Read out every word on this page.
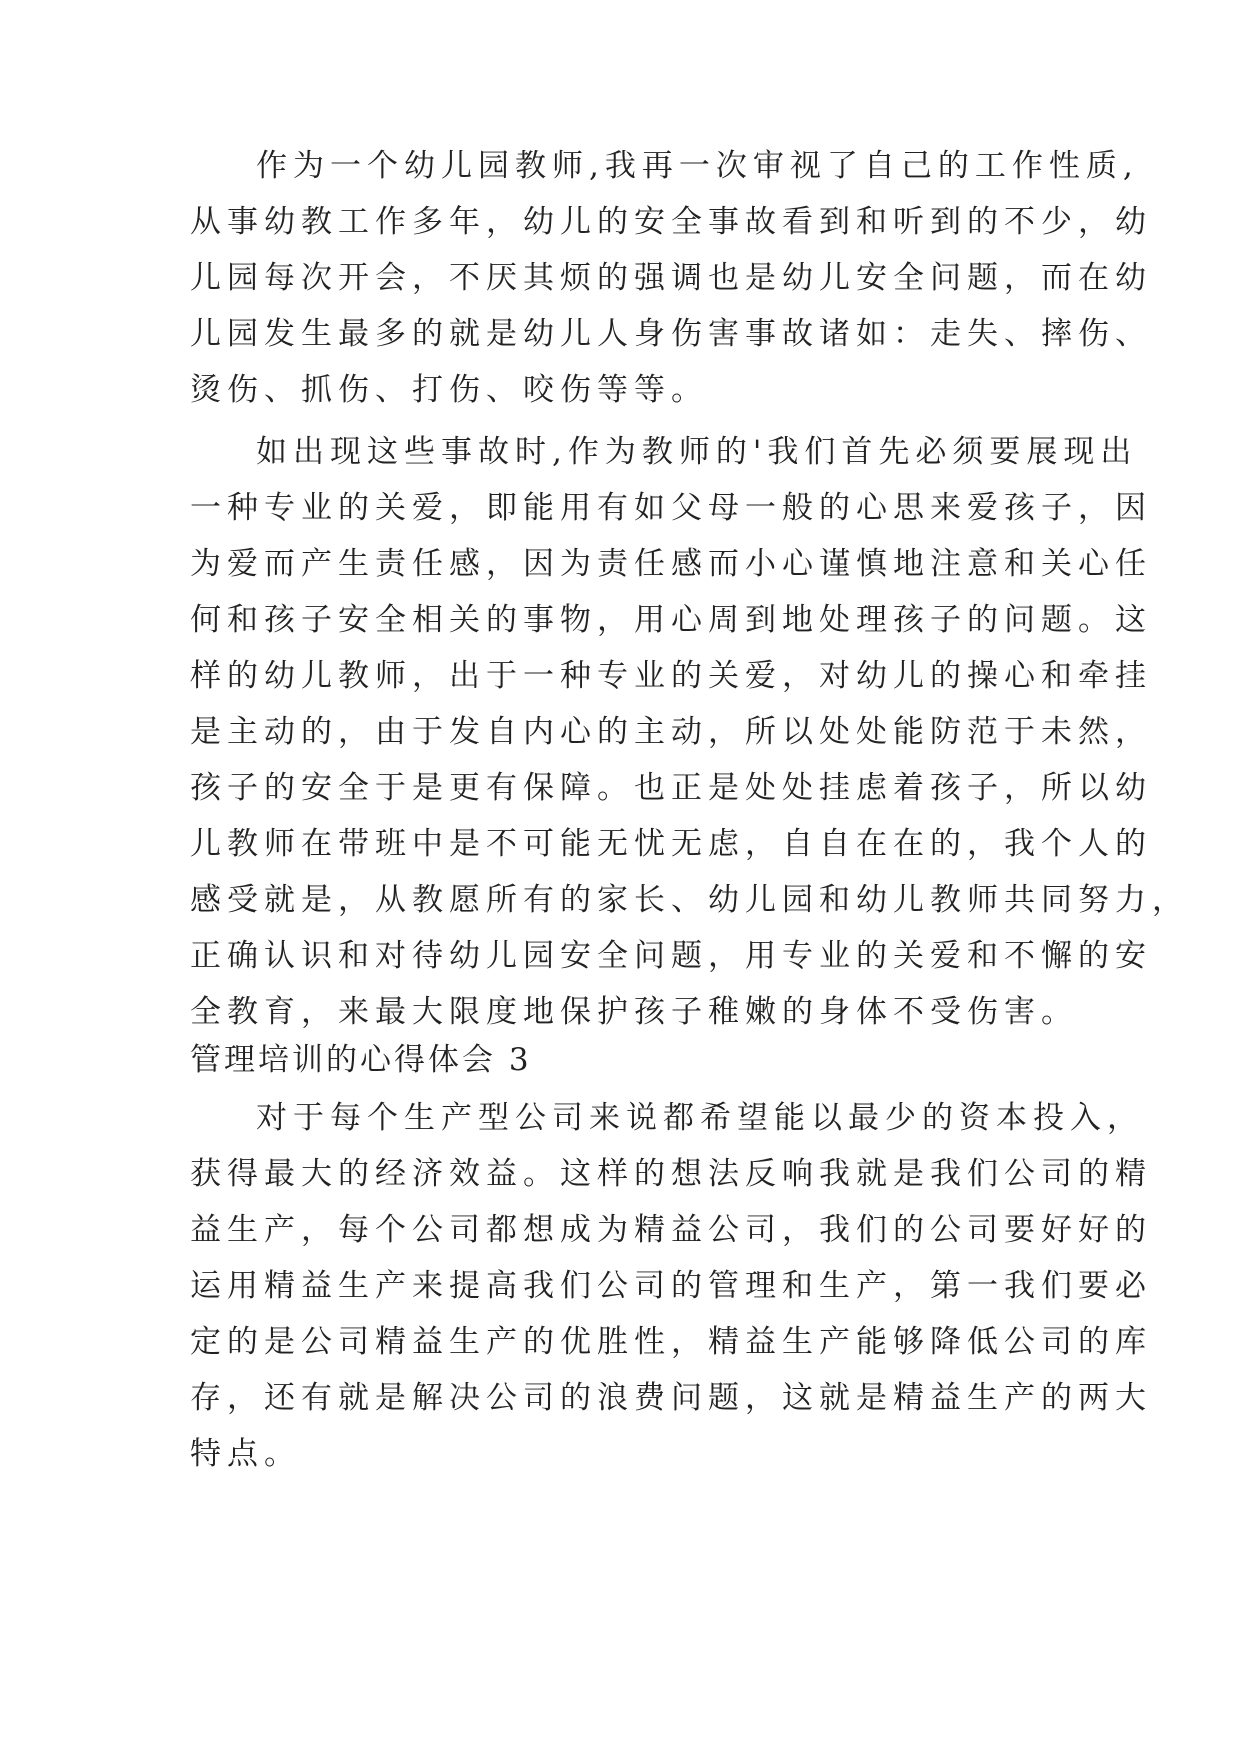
作为一个幼儿园教师,我再一次审视了自己的工作性质,
从事幼教工作多年，幼儿的安全事故看到和听到的不少，幼
儿园每次开会，不厌其烦的强调也是幼儿安全问题，而在幼
儿园发生最多的就是幼儿人身伤害事故诸如：走失、摔伤、
烫伤、抓伤、打伤、咬伤等等。
如出现这些事故时,作为教师的'我们首先必须要展现出
一种专业的关爱，即能用有如父母一般的心思来爱孩子，因
为爱而产生责任感，因为责任感而小心谨慎地注意和关心任
何和孩子安全相关的事物，用心周到地处理孩子的问题。这
样的幼儿教师，出于一种专业的关爱，对幼儿的操心和牵挂
是主动的，由于发自内心的主动，所以处处能防范于未然，
孩子的安全于是更有保障。也正是处处挂虑着孩子，所以幼
儿教师在带班中是不可能无忧无虑，自自在在的，我个人的
感受就是，从教愿所有的家长、幼儿园和幼儿教师共同努力，
正确认识和对待幼儿园安全问题，用专业的关爱和不懈的安
全教育，来最大限度地保护孩子稚嫩的身体不受伤害。
管理培训的心得体会 3
对于每个生产型公司来说都希望能以最少的资本投入，
获得最大的经济效益。这样的想法反响我就是我们公司的精
益生产，每个公司都想成为精益公司，我们的公司要好好的
运用精益生产来提高我们公司的管理和生产，第一我们要必
定的是公司精益生产的优胜性，精益生产能够降低公司的库
存，还有就是解决公司的浪费问题，这就是精益生产的两大
特点。
